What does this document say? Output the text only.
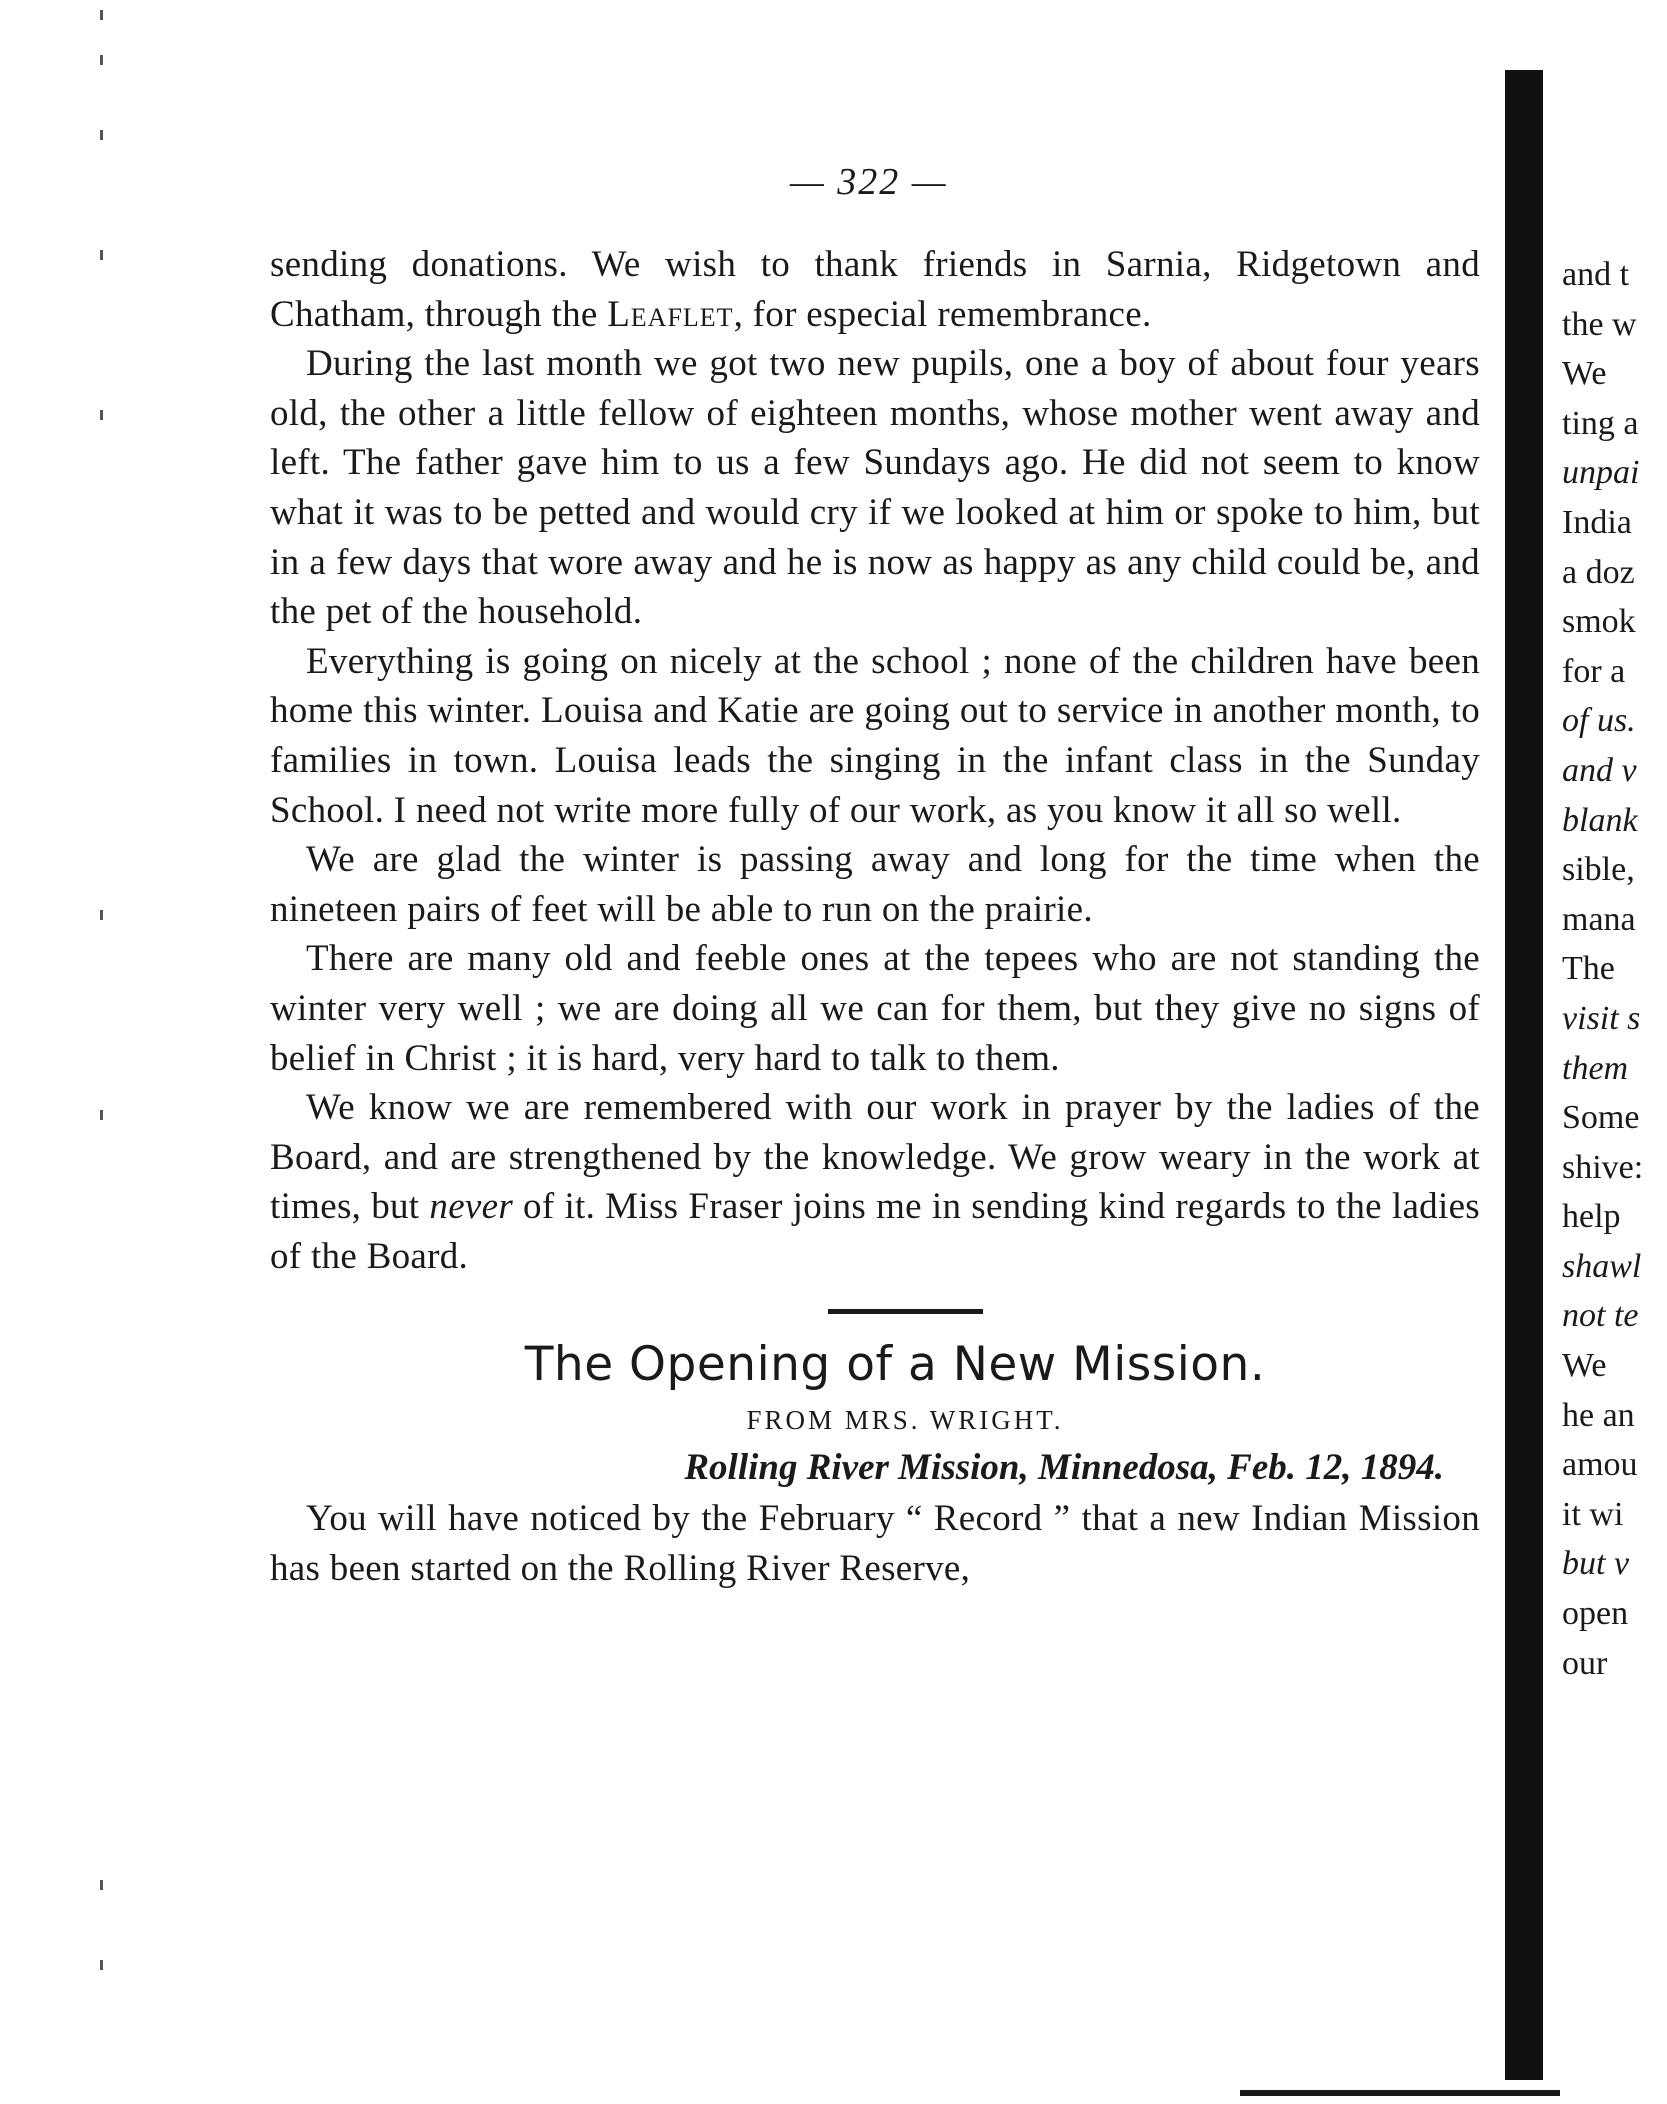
— 322 —

sending donations. We wish to thank friends in Sarnia, Ridgetown and Chatham, through the Leaflet, for especial remembrance.

During the last month we got two new pupils, one a boy of about four years old, the other a little fellow of eighteen months, whose mother went away and left. The father gave him to us a few Sundays ago. He did not seem to know what it was to be petted and would cry if we looked at him or spoke to him, but in a few days that wore away and he is now as happy as any child could be, and the pet of the household.

Everything is going on nicely at the school ; none of the children have been home this winter. Louisa and Katie are going out to service in another month, to families in town. Louisa leads the singing in the infant class in the Sunday School. I need not write more fully of our work, as you know it all so well.

We are glad the winter is passing away and long for the time when the nineteen pairs of feet will be able to run on the prairie.

There are many old and feeble ones at the tepees who are not standing the winter very well ; we are doing all we can for them, but they give no signs of belief in Christ ; it is hard, very hard to talk to them.

We know we are remembered with our work in prayer by the ladies of the Board, and are strengthened by the knowledge. We grow weary in the work at times, but never of it. Miss Fraser joins me in sending kind regards to the ladies of the Board.

The Opening of a New Mission.
FROM MRS. WRIGHT.
Rolling River Mission, Minnedosa, Feb. 12, 1894.

You will have noticed by the February “ Record ” that a new Indian Mission has been started on the Rolling River Reserve,

and t
the w
We
ting a
unpai
India
a doz
smok
for a
of us.
and v
blank
sible,
mana
The
visit s
them
Some
shive:
help
shawl
not te
We
he an
amou
it wi
but v
open
our
